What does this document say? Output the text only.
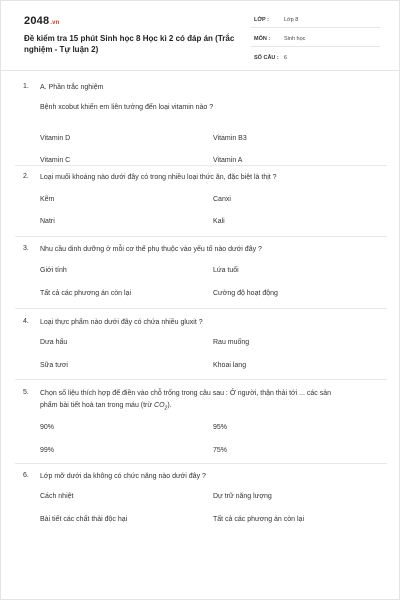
2048.vn
Đề kiểm tra 15 phút Sinh học 8 Học kì 2 có đáp án (Trắc nghiệm - Tự luận 2)
LỚP :	Lớp 8
MÔN :	Sinh học
SỐ CÂU : 6
1. A. Phần trắc nghiệm
Bệnh xcobut khiến em liên tưởng đến loại vitamin nào ?
Vitamin D	Vitamin B3
Vitamin C	Vitamin A
2. Loại muối khoáng nào dưới đây có trong nhiều loại thức ăn, đặc biệt là thịt ?
Kẽm	Canxi
Natri	Kali
3. Nhu cầu dinh dưỡng ở mỗi cơ thể phụ thuộc vào yếu tố nào dưới đây ?
Giới tính	Lứa tuổi
Tất cả các phương án còn lại	Cường độ hoạt động
4. Loại thực phẩm nào dưới đây có chứa nhiều gluxit ?
Dưa hấu	Rau muống
Sữa tươi	Khoai lang
5. Chọn số liệu thích hợp để điền vào chỗ trống trong câu sau : Ở người, thận thải tới ... các sản
phẩm bài tiết hoà tan trong máu (trừ $CO_2$).
90%	95%
99%	75%
6. Lớp mỡ dưới da không có chức năng nào dưới đây ?
Cách nhiệt	Dự trữ năng lượng
Bài tiết các chất thải độc hại	Tất cả các phương án còn lại
